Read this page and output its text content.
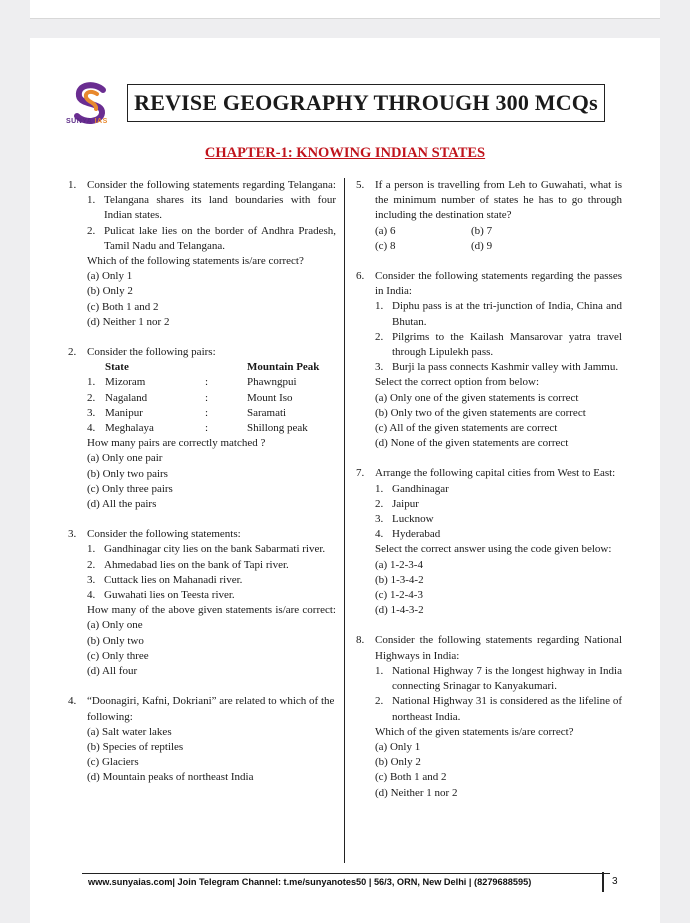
SUNYA IAS
REVISE GEOGRAPHY THROUGH 300 MCQs
CHAPTER-1: KNOWING INDIAN STATES
1. Consider the following statements regarding Telangana:
1. Telangana shares its land boundaries with four Indian states.
2. Pulicat lake lies on the border of Andhra Pradesh, Tamil Nadu and Telangana.
Which of the following statements is/are correct?
(a) Only 1
(b) Only 2
(c) Both 1 and 2
(d) Neither 1 nor 2
2. Consider the following pairs:
State	Mountain Peak
1. Mizoram	:	Phawngpui
2. Nagaland	:	Mount Iso
3. Manipur	:	Saramati
4. Meghalaya	:	Shillong peak
How many pairs are correctly matched ?
(a) Only one pair
(b) Only two pairs
(c) Only three pairs
(d) All the pairs
3. Consider the following statements:
1. Gandhinagar city lies on the bank Sabarmati river.
2. Ahmedabad lies on the bank of Tapi river.
3. Cuttack lies on Mahanadi river.
4. Guwahati lies on Teesta river.
How many of the above given statements is/are correct:
(a) Only one
(b) Only two
(c) Only three
(d) All four
4. “Doonagiri, Kafni, Dokriani” are related to which of the following:
(a) Salt water lakes
(b) Species of reptiles
(c) Glaciers
(d) Mountain peaks of northeast India
5. If a person is travelling from Leh to Guwahati, what is the minimum number of states he has to go through including the destination state?
(a) 6	(b) 7
(c) 8	(d) 9
6. Consider the following statements regarding the passes in India:
1. Diphu pass is at the tri-junction of India, China and Bhutan.
2. Pilgrims to the Kailash Mansarovar yatra travel through Lipulekh pass.
3. Burji la pass connects Kashmir valley with Jammu.
Select the correct option from below:
(a) Only one of the given statements is correct
(b) Only two of the given statements are correct
(c) All of the given statements are correct
(d) None of the given statements are correct
7. Arrange the following capital cities from West to East:
1. Gandhinagar
2. Jaipur
3. Lucknow
4. Hyderabad
Select the correct answer using the code given below:
(a) 1-2-3-4
(b) 1-3-4-2
(c) 1-2-4-3
(d) 1-4-3-2
8. Consider the following statements regarding National Highways in India:
1. National Highway 7 is the longest highway in India connecting Srinagar to Kanyakumari.
2. National Highway 31 is considered as the lifeline of northeast India.
Which of the given statements is/are correct?
(a) Only 1
(b) Only 2
(c) Both 1 and 2
(d) Neither 1 nor 2
www.sunyaias.com| Join Telegram Channel: t.me/sunyanotes50 | 56/3, ORN, New Delhi | (8279688595)	3
